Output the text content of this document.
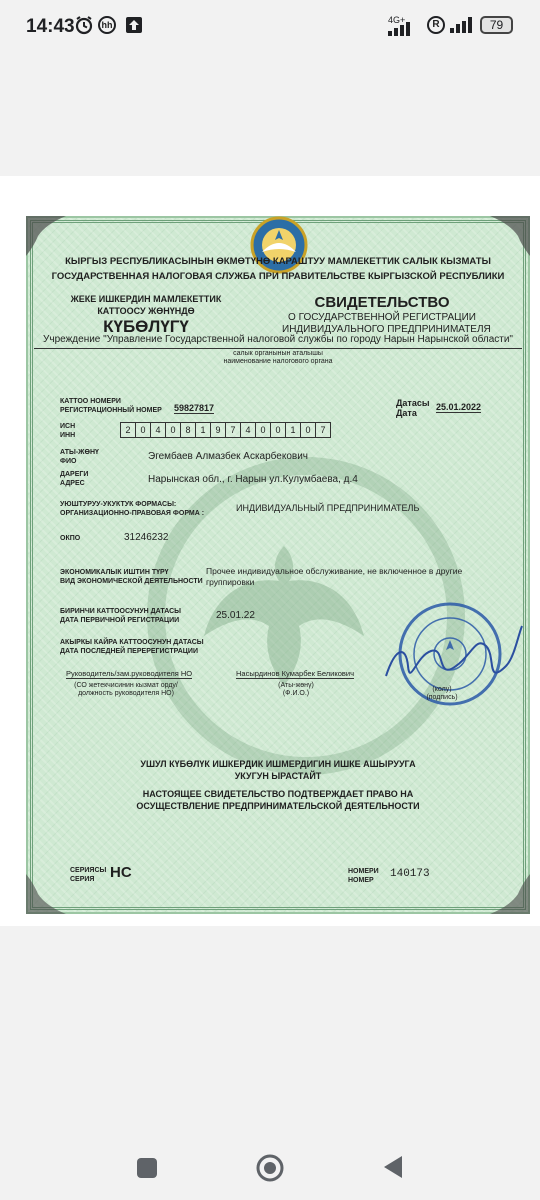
14:43	hh	4G+	R	79
КЫРГЫЗ РЕСПУБЛИКАСЫНЫН ӨКМӨТҮНӨ КАРАШТУУ МАМЛЕКЕТТИК САЛЫК КЫЗМАТЫ
ГОСУДАРСТВЕННАЯ НАЛОГОВАЯ СЛУЖБА ПРИ ПРАВИТЕЛЬСТВЕ КЫРГЫЗСКОЙ РЕСПУБЛИКИ
ЖЕКЕ ИШКЕРДИН МАМЛЕКЕТТИК
КАТТООСУ ЖӨНҮНДӨ
КҮБӨЛҮГҮ
СВИДЕТЕЛЬСТВО
О ГОСУДАРСТВЕННОЙ РЕГИСТРАЦИИ
ИНДИВИДУАЛЬНОГО ПРЕДПРИНИМАТЕЛЯ
Учреждение "Управление Государственной налоговой службы по городу Нарын Нарынской области"
салык органынын аталышы
наименование налогового органа
КАТТОО НОМЕРИ
РЕГИСТРАЦИОННЫЙ НОМЕР 59827817	Датасы
Дата
25.01.2022
ИСН
ИНН
2	0	4	0	8	1	9	7	4	0	0	1	0	7
АТЫ-ЖӨНҮ
ФИО	Эгембаев Алмазбек Аскарбекович
ДАРЕГИ
АДРЕС	Нарынская обл., г. Нарын ул.Кулумбаева, д.4
УЮШТУРУУ-УКУКТУК ФОРМАСЫ:
ОРГАНИЗАЦИОННО-ПРАВОВАЯ ФОРМА :
ИНДИВИДУАЛЬНЫЙ ПРЕДПРИНИМАТЕЛЬ
ОКПО	31246232
ЭКОНОМИКАЛЫК ИШТИН ТҮРҮ
ВИД ЭКОНОМИЧЕСКОЙ ДЕЯТЕЛЬНОСТИ
Прочее индивидуальное обслуживание, не включенное в другие
группировки
БИРИНЧИ КАТТООСУНУН ДАТАСЫ
ДАТА ПЕРВИЧНОЙ РЕГИСТРАЦИИ	25.01.22
АКЫРКЫ КАЙРА КАТТООСУНУН ДАТАСЫ
ДАТА ПОСЛЕДНЕЙ ПЕРЕРЕГИСТРАЦИИ
Руководитель/зам.руководителя НО
(СО жетекчисинин кызмат орду/
должность руководителя НО)
Насырдинов Кумарбек Беликович
(Аты-жөнү)
(Ф.И.О.)
(колу)
(подпись)
УШУЛ КҮБӨЛҮК ИШКЕРДИК ИШМЕРДИГИН ИШКЕ АШЫРУУГА
УКУГУН ЫРАСТАЙТ
НАСТОЯЩЕЕ СВИДЕТЕЛЬСТВО ПОДТВЕРЖДАЕТ ПРАВО НА
ОСУЩЕСТВЛЕНИЕ ПРЕДПРИНИМАТЕЛЬСКОЙ ДЕЯТЕЛЬНОСТИ
СЕРИЯСЫ
СЕРИЯ НС	НОМЕРИ
НОМЕР
140173
